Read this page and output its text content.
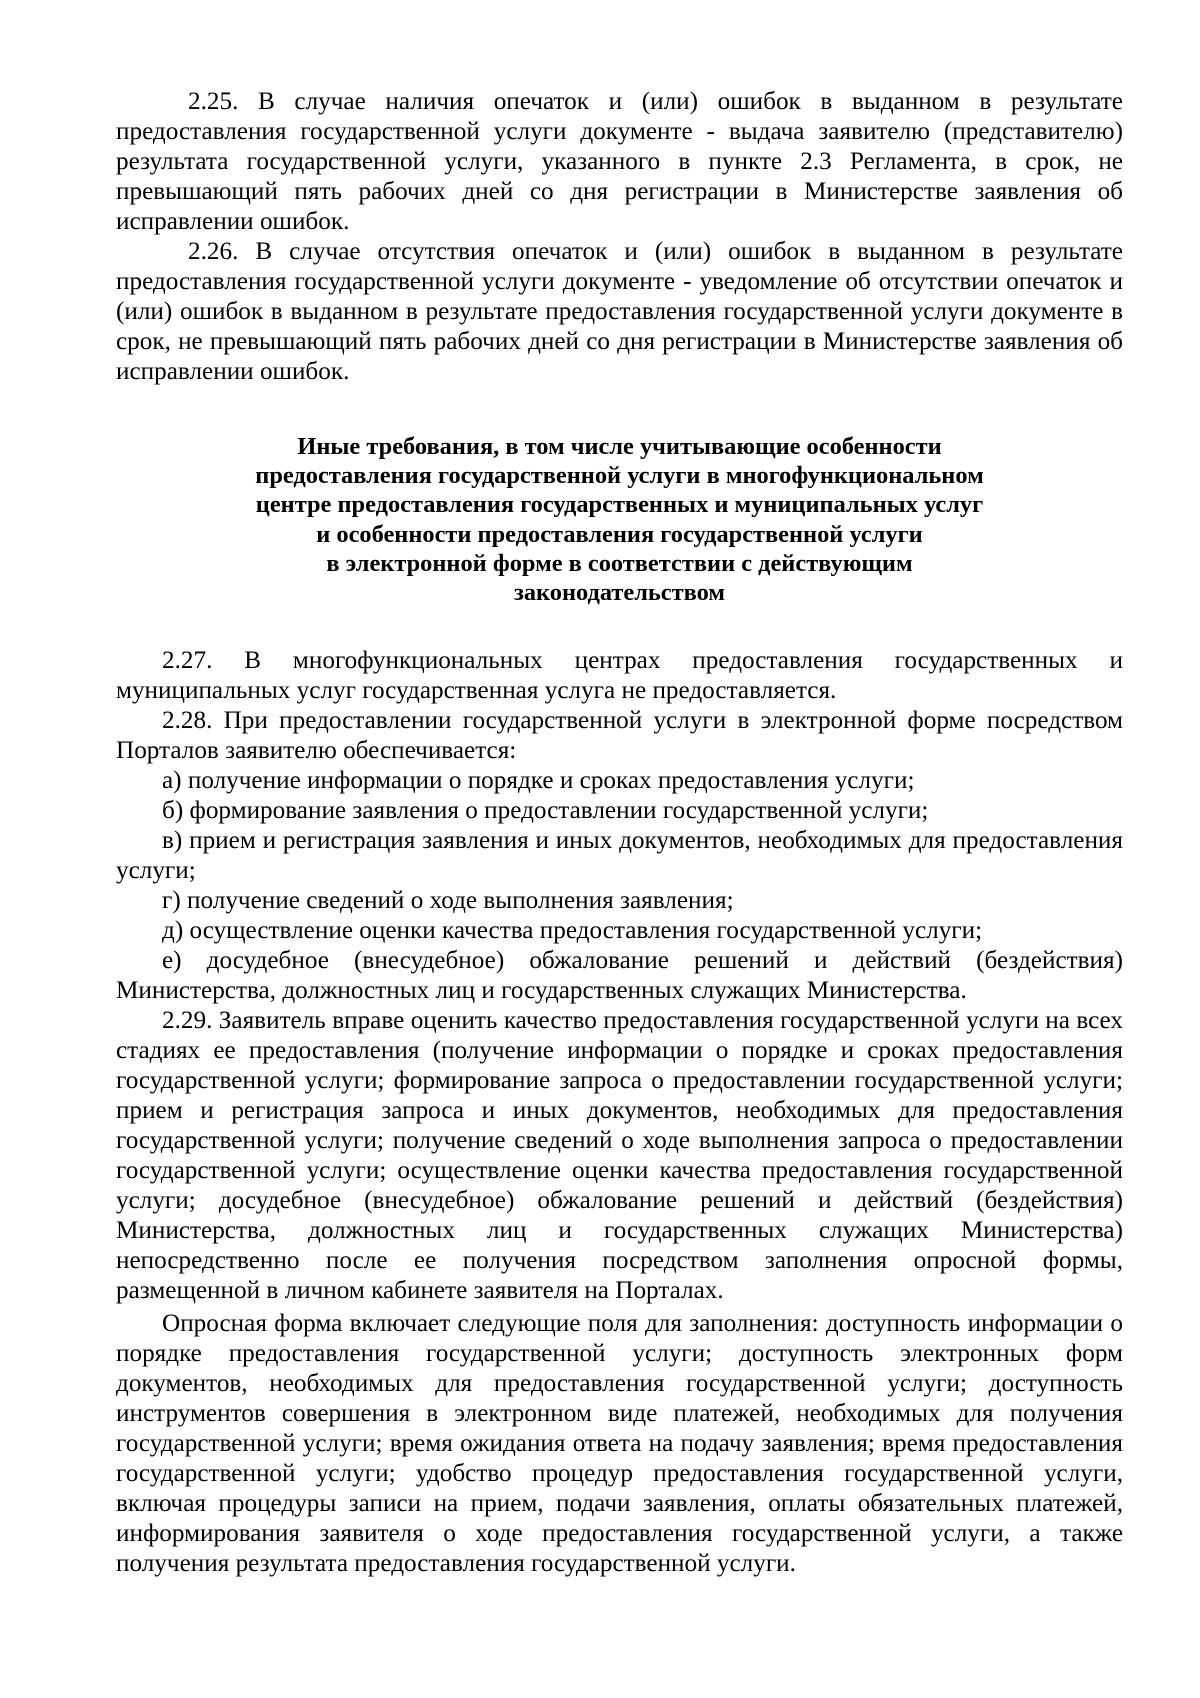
2.25. В случае наличия опечаток и (или) ошибок в выданном в результате предоставления государственной услуги документе - выдача заявителю (представителю) результата государственной услуги, указанного в пункте 2.3 Регламента, в срок, не превышающий пять рабочих дней со дня регистрации в Министерстве заявления об исправлении ошибок.

2.26. В случае отсутствия опечаток и (или) ошибок в выданном в результате предоставления государственной услуги документе - уведомление об отсутствии опечаток и (или) ошибок в выданном в результате предоставления государственной услуги документе в срок, не превышающий пять рабочих дней со дня регистрации в Министерстве заявления об исправлении ошибок.

Иные требования, в том числе учитывающие особенности
предоставления государственной услуги в многофункциональном
центре предоставления государственных и муниципальных услуг
и особенности предоставления государственной услуги
в электронной форме в соответствии с действующим
законодательством

2.27. В многофункциональных центрах предоставления государственных и муниципальных услуг государственная услуга не предоставляется.

2.28. При предоставлении государственной услуги в электронной форме посредством Порталов заявителю обеспечивается:

а) получение информации о порядке и сроках предоставления услуги;

б) формирование заявления о предоставлении государственной услуги;

в) прием и регистрация заявления и иных документов, необходимых для предоставления услуги;

г) получение сведений о ходе выполнения заявления;

д) осуществление оценки качества предоставления государственной услуги;

е) досудебное (внесудебное) обжалование решений и действий (бездействия) Министерства, должностных лиц и государственных служащих Министерства.

2.29. Заявитель вправе оценить качество предоставления государственной услуги на всех стадиях ее предоставления (получение информации о порядке и сроках предоставления государственной услуги; формирование запроса о предоставлении государственной услуги; прием и регистрация запроса и иных документов, необходимых для предоставления государственной услуги; получение сведений о ходе выполнения запроса о предоставлении государственной услуги; осуществление оценки качества предоставления государственной услуги; досудебное (внесудебное) обжалование решений и действий (бездействия) Министерства, должностных лиц и государственных служащих Министерства) непосредственно после ее получения посредством заполнения опросной формы, размещенной в личном кабинете заявителя на Порталах.

Опросная форма включает следующие поля для заполнения: доступность информации о порядке предоставления государственной услуги; доступность электронных форм документов, необходимых для предоставления государственной услуги; доступность инструментов совершения в электронном виде платежей, необходимых для получения государственной услуги; время ожидания ответа на подачу заявления; время предоставления государственной услуги; удобство процедур предоставления государственной услуги, включая процедуры записи на прием, подачи заявления, оплаты обязательных платежей, информирования заявителя о ходе предоставления государственной услуги, а также получения результата предоставления государственной услуги.
